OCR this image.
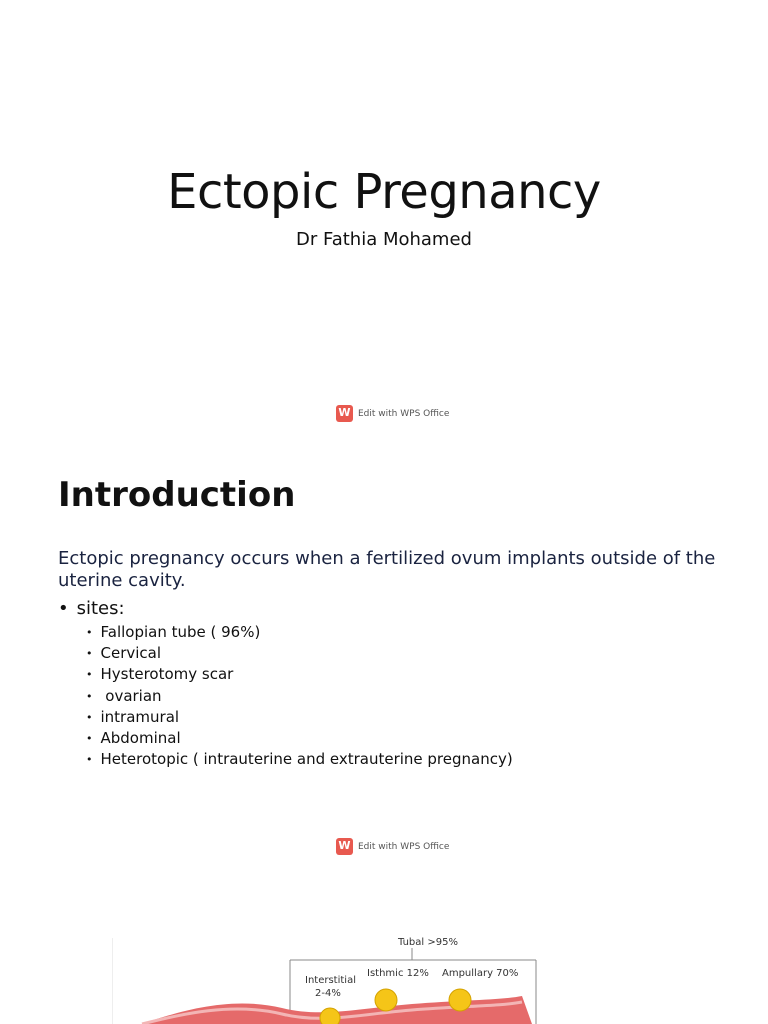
Ectopic Pregnancy

Dr Fathia Mohamed

W
Edit with WPS Office
Introduction

Ectopic pregnancy occurs when a fertilized ovum implants outside of the uterine cavity.

• sites:
• Fallopian tube ( 96%)
• Cervical
• Hysterotomy scar
• ovarian
• intramural
• Abdominal
• Heterotopic ( intrauterine and extrauterine pregnancy)
W
Edit with WPS Office
Tubal >95%
Interstitial
2-4%
Isthmic 12% Ampullary 70%
